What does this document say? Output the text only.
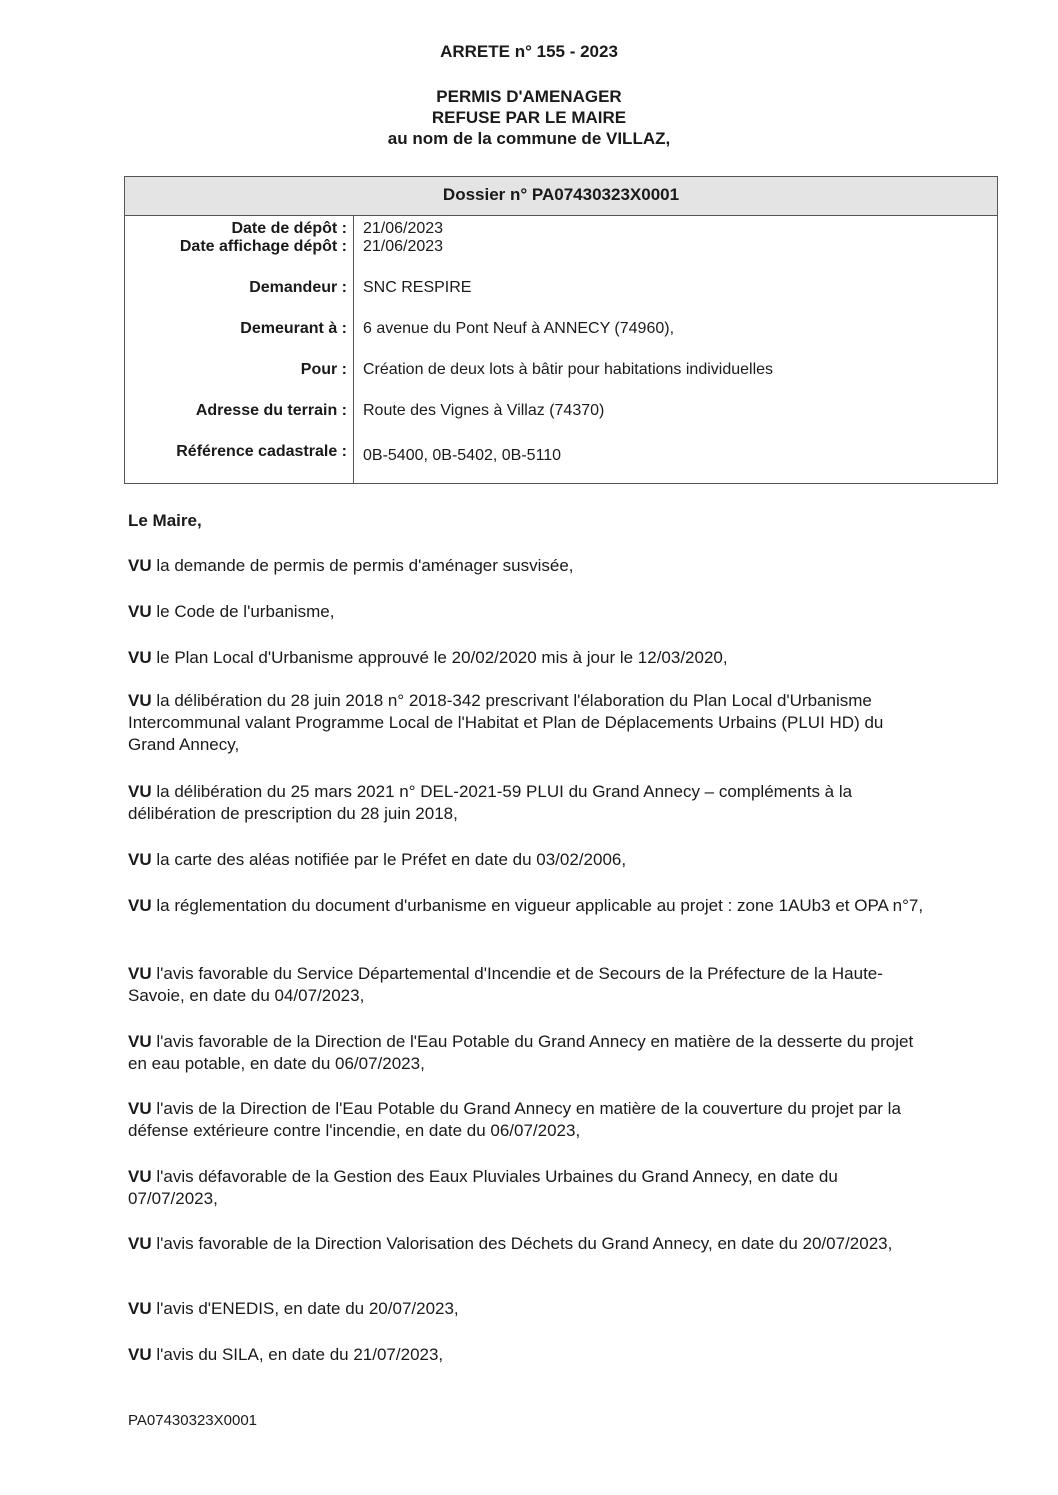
ARRETE n° 155 - 2023
PERMIS D'AMENAGER
REFUSE PAR LE MAIRE
au nom de la commune de VILLAZ,
Dossier n° PA07430323X0001
Date de dépôt : 21/06/2023
Date affichage dépôt : 21/06/2023
Demandeur : SNC RESPIRE
Demeurant à : 6 avenue du Pont Neuf à ANNECY (74960),
Pour : Création de deux lots à bâtir pour habitations individuelles
Adresse du terrain : Route des Vignes à Villaz (74370)
Référence cadastrale : 0B-5400, 0B-5402, 0B-5110
Le Maire,
VU la demande de permis de permis d'aménager susvisée,
VU le Code de l'urbanisme,
VU le Plan Local d'Urbanisme approuvé le 20/02/2020 mis à jour le 12/03/2020,
VU la délibération du 28 juin 2018 n° 2018-342 prescrivant l'élaboration du Plan Local d'Urbanisme Intercommunal valant Programme Local de l'Habitat et Plan de Déplacements Urbains (PLUI HD) du Grand Annecy,
VU la délibération du 25 mars 2021 n° DEL-2021-59 PLUI du Grand Annecy – compléments à la délibération de prescription du 28 juin 2018,
VU la carte des aléas notifiée par le Préfet en date du 03/02/2006,
VU la réglementation du document d'urbanisme en vigueur applicable au projet : zone 1AUb3 et OPA n°7,
VU l'avis favorable du Service Départemental d'Incendie et de Secours de la Préfecture de la Haute-Savoie, en date du 04/07/2023,
VU l'avis favorable de la Direction de l'Eau Potable du Grand Annecy en matière de la desserte du projet en eau potable, en date du 06/07/2023,
VU l'avis de la Direction de l'Eau Potable du Grand Annecy en matière de la couverture du projet par la défense extérieure contre l'incendie, en date du 06/07/2023,
VU l'avis défavorable de la Gestion des Eaux Pluviales Urbaines du Grand Annecy, en date du 07/07/2023,
VU l'avis favorable de la Direction Valorisation des Déchets du Grand Annecy, en date du 20/07/2023,
VU l'avis d'ENEDIS, en date du 20/07/2023,
VU l'avis du SILA, en date du 21/07/2023,
PA07430323X0001
